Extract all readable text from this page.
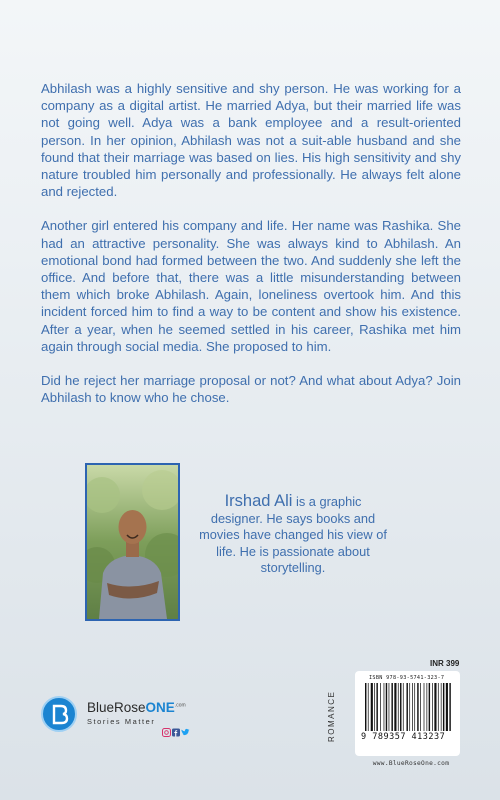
Abhilash was a highly sensitive and shy person. He was working for a company as a digital artist. He married Adya, but their married life was not going well. Adya was a bank employee and a result-oriented person. In her opinion, Abhilash was not a suit-able husband and she found that their marriage was based on lies. His high sensitivity and shy nature troubled him personally and professionally. He always felt alone and rejected.

Another girl entered his company and life. Her name was Rashika. She had an attractive personality. She was always kind to Abhilash. An emotional bond had formed between the two. And suddenly she left the office. And before that, there was a little misunderstanding between them which broke Abhilash. Again, loneliness overtook him. And this incident forced him to find a way to be content and show his existence. After a year, when he seemed settled in his career, Rashika met him again through social media. She proposed to him.

Did he reject her marriage proposal or not? And what about Adya? Join Abhilash to know who he chose.

Irshad Ali is a graphic designer. He says books and movies have changed his view of life. He is passionate about storytelling.
BlueRoseONE$^{.com}$
Stories Matter
INR 399
ROMANCE
ISBN 978-93-5741-323-7
9 789357 413237
www.BlueRoseOne.com
